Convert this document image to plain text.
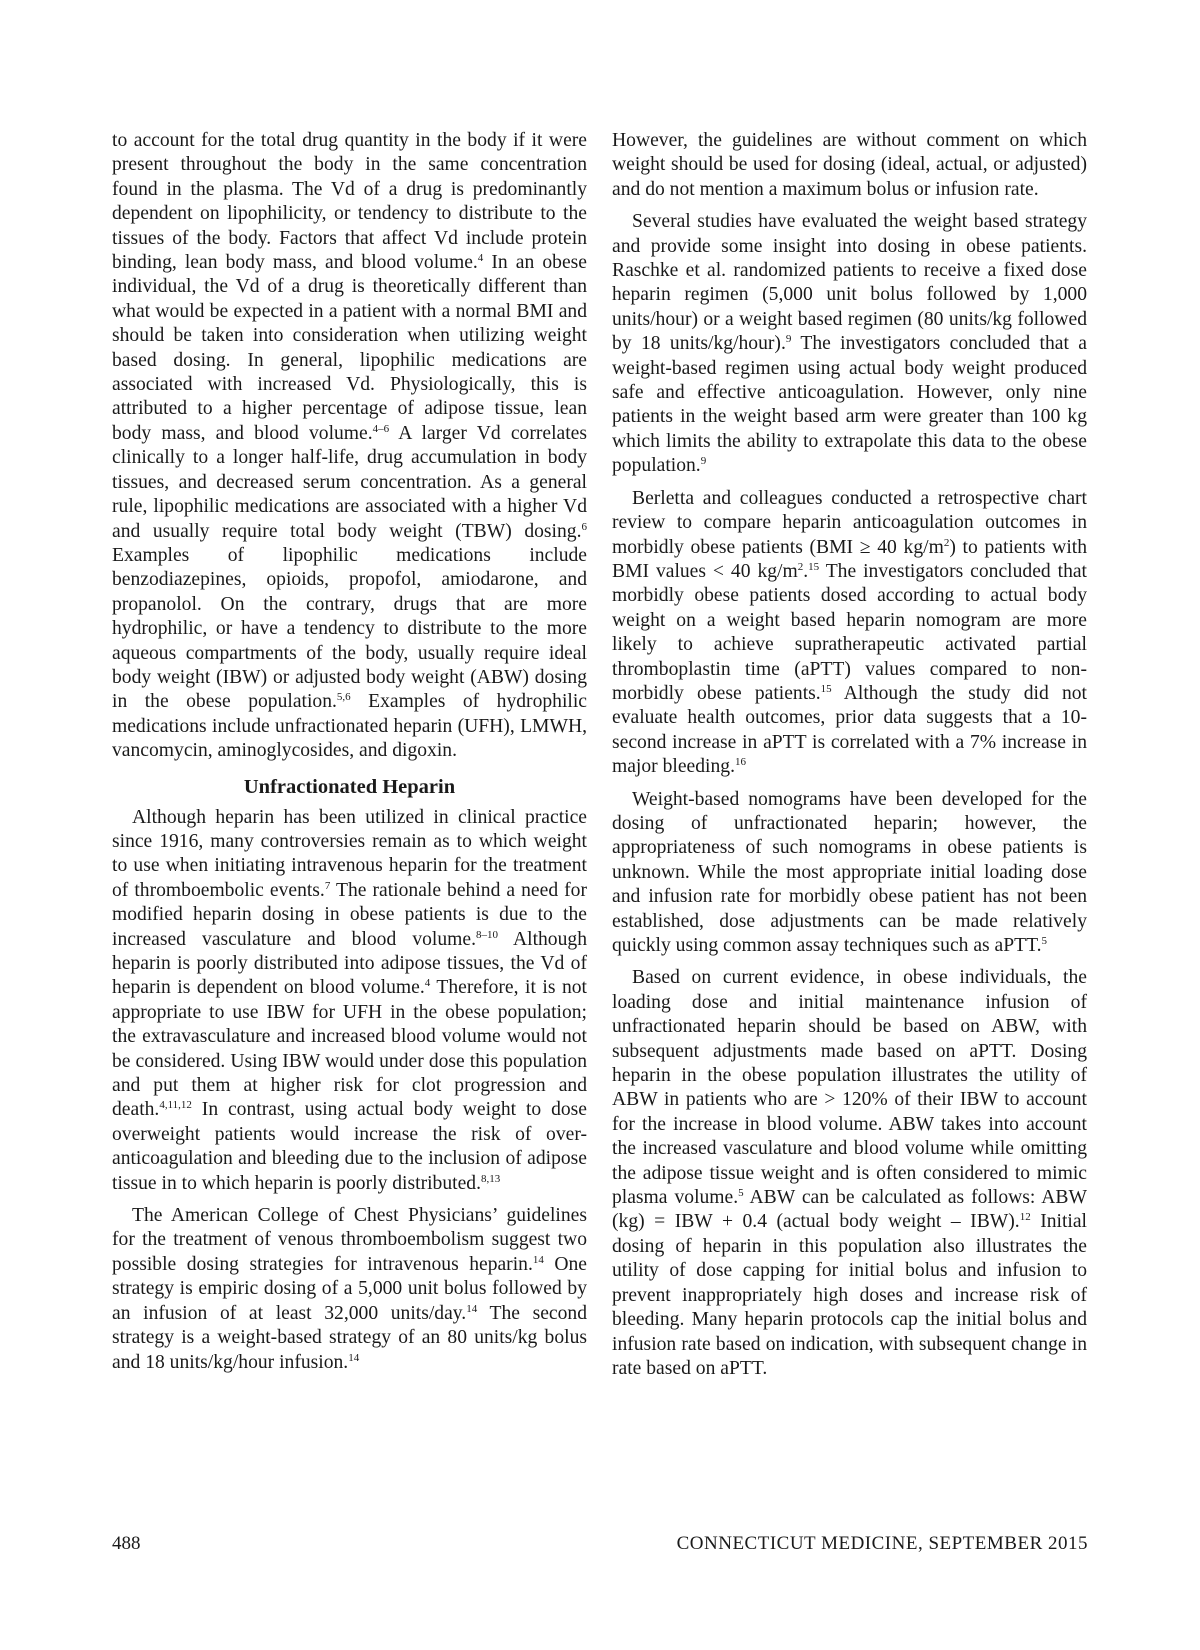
to account for the total drug quantity in the body if it were present throughout the body in the same concentration found in the plasma. The Vd of a drug is predominantly dependent on lipophilicity, or tendency to distribute to the tissues of the body. Factors that affect Vd include protein binding, lean body mass, and blood volume.$^4$ In an obese individual, the Vd of a drug is theoretically different than what would be expected in a patient with a normal BMI and should be taken into consideration when utilizing weight based dosing. In general, lipophilic medications are associated with increased Vd. Physiologically, this is attributed to a higher percentage of adipose tissue, lean body mass, and blood volume.$^{4-6}$ A larger Vd correlates clinically to a longer half-life, drug accumulation in body tissues, and decreased serum concentration. As a general rule, lipophilic medications are associated with a higher Vd and usually require total body weight (TBW) dosing.$^6$ Examples of lipophilic medications include benzodiazepines, opioids, propofol, amiodarone, and propanolol. On the contrary, drugs that are more hydrophilic, or have a tendency to distribute to the more aqueous compartments of the body, usually require ideal body weight (IBW) or adjusted body weight (ABW) dosing in the obese population.$^{5,6}$ Examples of hydrophilic medications include unfractionated heparin (UFH), LMWH, vancomycin, aminoglycosides, and digoxin.

Unfractionated Heparin

Although heparin has been utilized in clinical practice since 1916, many controversies remain as to which weight to use when initiating intravenous heparin for the treatment of thromboembolic events.$^7$ The rationale behind a need for modified heparin dosing in obese patients is due to the increased vasculature and blood volume.$^{8-10}$ Although heparin is poorly distributed into adipose tissues, the Vd of heparin is dependent on blood volume.$^4$ Therefore, it is not appropriate to use IBW for UFH in the obese population; the extravasculature and increased blood volume would not be considered. Using IBW would under dose this population and put them at higher risk for clot progression and death.$^{4,11,12}$ In contrast, using actual body weight to dose overweight patients would increase the risk of over-anticoagulation and bleeding due to the inclusion of adipose tissue in to which heparin is poorly distributed.$^{8,13}$

The American College of Chest Physicians’ guidelines for the treatment of venous thromboembolism suggest two possible dosing strategies for intravenous heparin.$^{14}$ One strategy is empiric dosing of a 5,000 unit bolus followed by an infusion of at least 32,000 units/day.$^{14}$ The second strategy is a weight-based strategy of an 80 units/kg bolus and 18 units/kg/hour infusion.$^{14}$

However, the guidelines are without comment on which weight should be used for dosing (ideal, actual, or adjusted) and do not mention a maximum bolus or infusion rate.

Several studies have evaluated the weight based strategy and provide some insight into dosing in obese patients. Raschke et al. randomized patients to receive a fixed dose heparin regimen (5,000 unit bolus followed by 1,000 units/hour) or a weight based regimen (80 units/kg followed by 18 units/kg/hour).$^9$ The investigators concluded that a weight-based regimen using actual body weight produced safe and effective anticoagulation. However, only nine patients in the weight based arm were greater than 100 kg which limits the ability to extrapolate this data to the obese population.$^9$

Berletta and colleagues conducted a retrospective chart review to compare heparin anticoagulation outcomes in morbidly obese patients (BMI ≥ 40 $kg/m^2$) to patients with BMI values < 40 $kg/m^2.^{15}$ The investigators concluded that morbidly obese patients dosed according to actual body weight on a weight based heparin nomogram are more likely to achieve supratherapeutic activated partial thromboplastin time (aPTT) values compared to non-morbidly obese patients.$^{15}$ Although the study did not evaluate health outcomes, prior data suggests that a 10-second increase in aPTT is correlated with a 7% increase in major bleeding.$^{16}$

Weight-based nomograms have been developed for the dosing of unfractionated heparin; however, the appropriateness of such nomograms in obese patients is unknown. While the most appropriate initial loading dose and infusion rate for morbidly obese patient has not been established, dose adjustments can be made relatively quickly using common assay techniques such as aPTT.$^5$

Based on current evidence, in obese individuals, the loading dose and initial maintenance infusion of unfractionated heparin should be based on ABW, with subsequent adjustments made based on aPTT. Dosing heparin in the obese population illustrates the utility of ABW in patients who are > 120% of their IBW to account for the increase in blood volume. ABW takes into account the increased vasculature and blood volume while omitting the adipose tissue weight and is often considered to mimic plasma volume.$^5$ ABW can be calculated as follows: ABW (kg) = IBW + 0.4 (actual body weight – IBW).$^{12}$ Initial dosing of heparin in this population also illustrates the utility of dose capping for initial bolus and infusion to prevent inappropriately high doses and increase risk of bleeding. Many heparin protocols cap the initial bolus and infusion rate based on indication, with subsequent change in rate based on aPTT.

488	CONNECTICUT MEDICINE, SEPTEMBER 2015
